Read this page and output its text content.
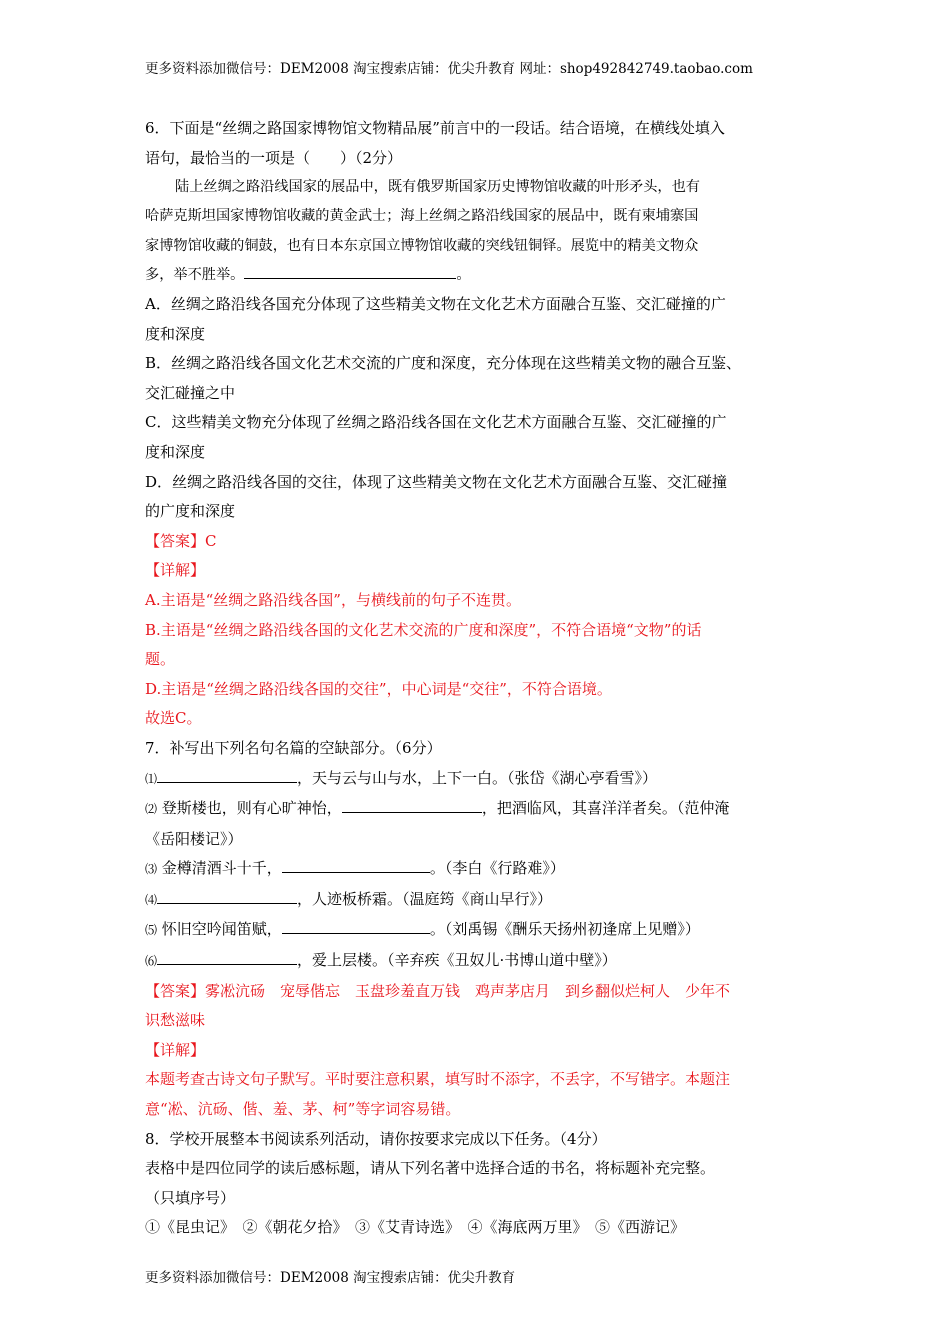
更多资料添加微信号：DEM2008 淘宝搜索店铺：优尖升教育 网址：shop492842749.taobao.com
6．下面是“丝绸之路国家博物馆文物精品展”前言中的一段话。结合语境，在横线处填入
语句，最恰当的一项是（　　）（2分）
陆上丝绸之路沿线国家的展品中，既有俄罗斯国家历史博物馆收藏的叶形矛头，也有
哈萨克斯坦国家博物馆收藏的黄金武士；海上丝绸之路沿线国家的展品中，既有柬埔寨国
家博物馆收藏的铜鼓，也有日本东京国立博物馆收藏的突线钮铜铎。展览中的精美文物众
多，举不胜举。	。
A．丝绸之路沿线各国充分体现了这些精美文物在文化艺术方面融合互鉴、交汇碰撞的广
度和深度
B．丝绸之路沿线各国文化艺术交流的广度和深度，充分体现在这些精美文物的融合互鉴、
交汇碰撞之中
C．这些精美文物充分体现了丝绸之路沿线各国在文化艺术方面融合互鉴、交汇碰撞的广
度和深度
D．丝绸之路沿线各国的交往，体现了这些精美文物在文化艺术方面融合互鉴、交汇碰撞
的广度和深度
【答案】C
【详解】
A.主语是“丝绸之路沿线各国”，与横线前的句子不连贯。
B.主语是“丝绸之路沿线各国的文化艺术交流的广度和深度”，不符合语境“文物”的话
题。
D.主语是“丝绸之路沿线各国的交往”，中心词是“交往”，不符合语境。
故选C。
7．补写出下列名句名篇的空缺部分。（6分）
⑴	，天与云与山与水，上下一白。（张岱《湖心亭看雪》）
⑵ 登斯楼也，则有心旷神怡，	，把酒临风，其喜洋洋者矣。（范仲淹
《岳阳楼记》）
⑶ 金樽清酒斗十千，	。（李白《行路难》）
⑷	，人迹板桥霜。（温庭筠《商山早行》）
⑸ 怀旧空吟闻笛赋，	。（刘禹锡《酬乐天扬州初逢席上见赠》）
⑹	，爱上层楼。（辛弃疾《丑奴儿·书博山道中壁》）
【答案】雾凇沆砀　宠辱偕忘　玉盘珍羞直万钱　鸡声茅店月　到乡翻似烂柯人　少年不
识愁滋味
【详解】
本题考查古诗文句子默写。平时要注意积累，填写时不添字，不丢字，不写错字。本题注
意“凇、沆砀、偕、羞、茅、柯”等字词容易错。
8．学校开展整本书阅读系列活动，请你按要求完成以下任务。（4分）
表格中是四位同学的读后感标题，请从下列名著中选择合适的书名，将标题补充完整。
（只填序号）
①《昆虫记》　②《朝花夕拾》　③《艾青诗选》　④《海底两万里》　⑤《西游记》
更多资料添加微信号：DEM2008 淘宝搜索店铺：优尖升教育
